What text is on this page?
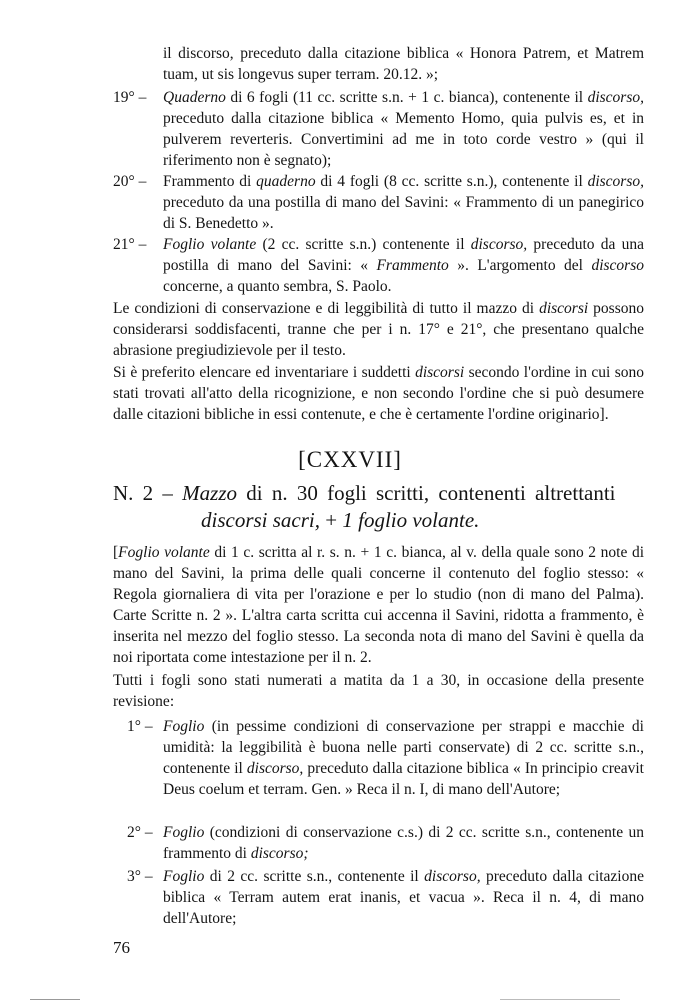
il discorso, preceduto dalla citazione biblica « Honora Patrem, et Matrem tuam, ut sis longevus super terram. 20.12. »;
19° –	Quaderno di 6 fogli (11 cc. scritte s.n. + 1 c. bianca), contenente il discorso, preceduto dalla citazione biblica « Memento Homo, quia pulvis es, et in pulverem reverteris. Convertimini ad me in toto corde vestro » (qui il riferimento non è segnato);
20° –	Frammento di quaderno di 4 fogli (8 cc. scritte s.n.), contenente il discorso, preceduto da una postilla di mano del Savini: « Frammento di un panegirico di S. Benedetto ».
21° –	Foglio volante (2 cc. scritte s.n.) contenente il discorso, preceduto da una postilla di mano del Savini: « Frammento ». L'argomento del discorso concerne, a quanto sembra, S. Paolo.

Le condizioni di conservazione e di leggibilità di tutto il mazzo di discorsi possono considerarsi soddisfacenti, tranne che per i n. 17° e 21°, che presentano qualche abrasione pregiudizievole per il testo.

Si è preferito elencare ed inventariare i suddetti discorsi secondo l'ordine in cui sono stati trovati all'atto della ricognizione, e non secondo l'ordine che si può desumere dalle citazioni bibliche in essi contenute, e che è certamente l'ordine originario].

[CXXVII]
N. 2 – Mazzo di n. 30 fogli scritti, contenenti altrettanti
discorsi sacri, + 1 foglio volante.

[Foglio volante di 1 c. scritta al r. s. n. + 1 c. bianca, al v. della quale sono 2 note di mano del Savini, la prima delle quali concerne il contenuto del foglio stesso: « Regola giornaliera di vita per l'orazione e per lo studio (non di mano del Palma). Carte Scritte n. 2 ». L'altra carta scritta cui accenna il Savini, ridotta a frammento, è inserita nel mezzo del foglio stesso. La seconda nota di mano del Savini è quella da noi riportata come intestazione per il n. 2.

Tutti i fogli sono stati numerati a matita da 1 a 30, in occasione della presente revisione:

1° – Foglio (in pessime condizioni di conservazione per strappi e macchie di umidità: la leggibilità è buona nelle parti conservate) di 2 cc. scritte s.n., contenente il discorso, preceduto dalla citazione biblica « In principio creavit Deus coelum et terram. Gen. » Reca il n. I, di mano dell'Autore;
2° – Foglio (condizioni di conservazione c.s.) di 2 cc. scritte s.n., contenente un frammento di discorso;
3° – Foglio di 2 cc. scritte s.n., contenente il discorso, preceduto dalla citazione biblica « Terram autem erat inanis, et vacua ». Reca il n. 4, di mano dell'Autore;
76
